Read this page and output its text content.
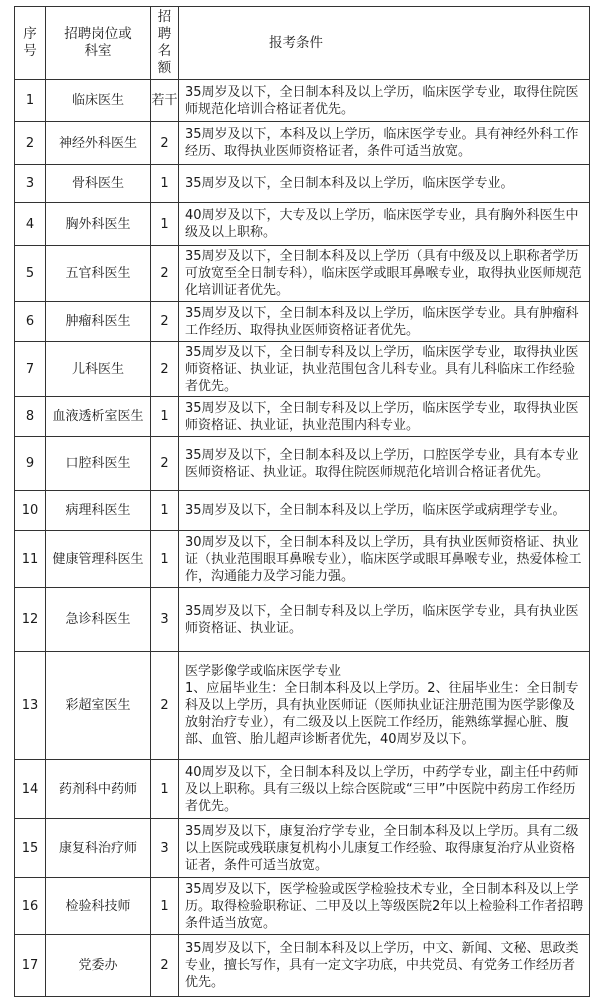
序号	招聘岗位或科室	招聘名额	报考条件
1	临床医生	若干	35周岁及以下，全日制本科及以上学历，临床医学专业，取得住院医师规范化培训合格证者优先。
2	神经外科医生	2	35周岁及以下，本科及以上学历，临床医学专业。具有神经外科工作经历、取得执业医师资格证者，条件可适当放宽。
3	骨科医生	1	35周岁及以下，全日制本科及以上学历，临床医学专业。
4	胸外科医生	1	40周岁及以下，大专及以上学历，临床医学专业，具有胸外科医生中级及以上职称。
5	五官科医生	2	35周岁及以下，全日制本科及以上学历（具有中级及以上职称者学历可放宽至全日制专科），临床医学或眼耳鼻喉专业，取得执业医师规范化培训证者优先。
6	肿瘤科医生	2	35周岁及以下，全日制本科及以上学历，临床医学专业。具有肿瘤科工作经历、取得执业医师资格证者优先。
7	儿科医生	2	35周岁及以下，全日制专科及以上学历，临床医学专业，取得执业医师资格证、执业证，执业范围包含儿科专业。具有儿科临床工作经验者优先。
8	血液透析室医生	1	35周岁及以下，全日制专科及以上学历，临床医学专业，取得执业医师资格证、执业证，执业范围内科专业。
9	口腔科医生	2	35周岁及以下，全日制本科及以上学历，口腔医学专业，具有本专业医师资格证、执业证。取得住院医师规范化培训合格证者优先。
10	病理科医生	1	35周岁及以下，全日制本科及以上学历，临床医学或病理学专业。
11	健康管理科医生	1	30周岁及以下，全日制本科及以上学历，具有执业医师资格证、执业证（执业范围眼耳鼻喉专业），临床医学或眼耳鼻喉专业，热爱体检工作，沟通能力及学习能力强。
12	急诊科医生	3	35周岁及以下，全日制专科及以上学历，临床医学专业，具有执业医师资格证、执业证。
13	彩超室医生	2	医学影像学或临床医学专业
1、应届毕业生：全日制本科及以上学历。2、往届毕业生：全日制专科及以上学历，具有执业医师证（医师执业证注册范围为医学影像及放射治疗专业），有二级及以上医院工作经历，能熟练掌握心脏、腹部、血管、胎儿超声诊断者优先，40周岁及以下。
14	药剂科中药师	1	40周岁及以下，全日制本科及以上学历，中药学专业，副主任中药师及以上职称。具有三级以上综合医院或“三甲”中医院中药房工作经历者优先。
15	康复科治疗师	3	35周岁及以下，康复治疗学专业，全日制本科及以上学历。具有二级以上医院或残联康复机构小儿康复工作经验、取得康复治疗从业资格证者，条件可适当放宽。
16	检验科技师	1	35周岁及以下，医学检验或医学检验技术专业，全日制本科及以上学历。取得检验职称证、二甲及以上等级医院2年以上检验科工作者招聘条件适当放宽。
17	党委办	2	35周岁及以下，全日制本科及以上学历，中文、新闻、文秘、思政类专业，擅长写作，具有一定文字功底，中共党员、有党务工作经历者优先。
